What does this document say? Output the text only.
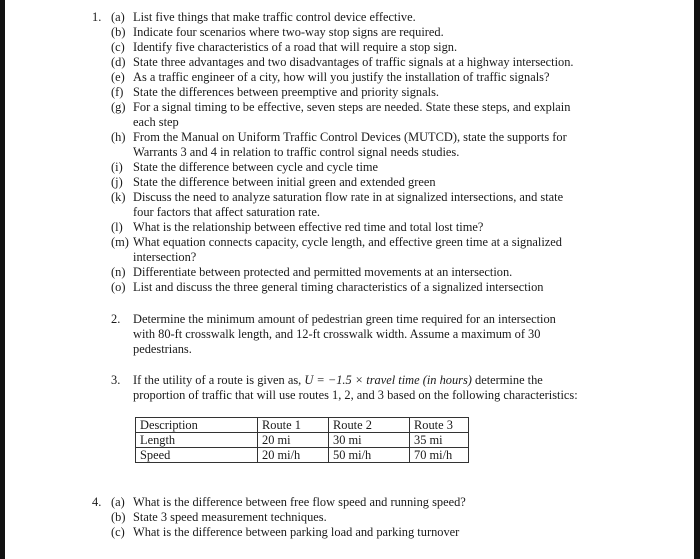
1. (a) List five things that make traffic control device effective.
(b) Indicate four scenarios where two-way stop signs are required.
(c) Identify five characteristics of a road that will require a stop sign.
(d) State three advantages and two disadvantages of traffic signals at a highway intersection.
(e) As a traffic engineer of a city, how will you justify the installation of traffic signals?
(f) State the differences between preemptive and priority signals.
(g) For a signal timing to be effective, seven steps are needed. State these steps, and explain
each step
(h) From the Manual on Uniform Traffic Control Devices (MUTCD), state the supports for
Warrants 3 and 4 in relation to traffic control signal needs studies.
(i) State the difference between cycle and cycle time
(j) State the difference between initial green and extended green
(k) Discuss the need to analyze saturation flow rate in at signalized intersections, and state
four factors that affect saturation rate.
(l) What is the relationship between effective red time and total lost time?
(m) What equation connects capacity, cycle length, and effective green time at a signalized
intersection?
(n) Differentiate between protected and permitted movements at an intersection.
(o) List and discuss the three general timing characteristics of a signalized intersection
2. Determine the minimum amount of pedestrian green time required for an intersection
with 80-ft crosswalk length, and 12-ft crosswalk width. Assume a maximum of 30
pedestrians.
3. If the utility of a route is given as, U = −1.5 × travel time (in hours) determine the
proportion of traffic that will use routes 1, 2, and 3 based on the following characteristics:
Description	Route 1	Route 2	Route 3
Length	20 mi	30 mi	35 mi
Speed	20 mi/h	50 mi/h	70 mi/h
4. (a) What is the difference between free flow speed and running speed?
(b) State 3 speed measurement techniques.
(c) What is the difference between parking load and parking turnover
